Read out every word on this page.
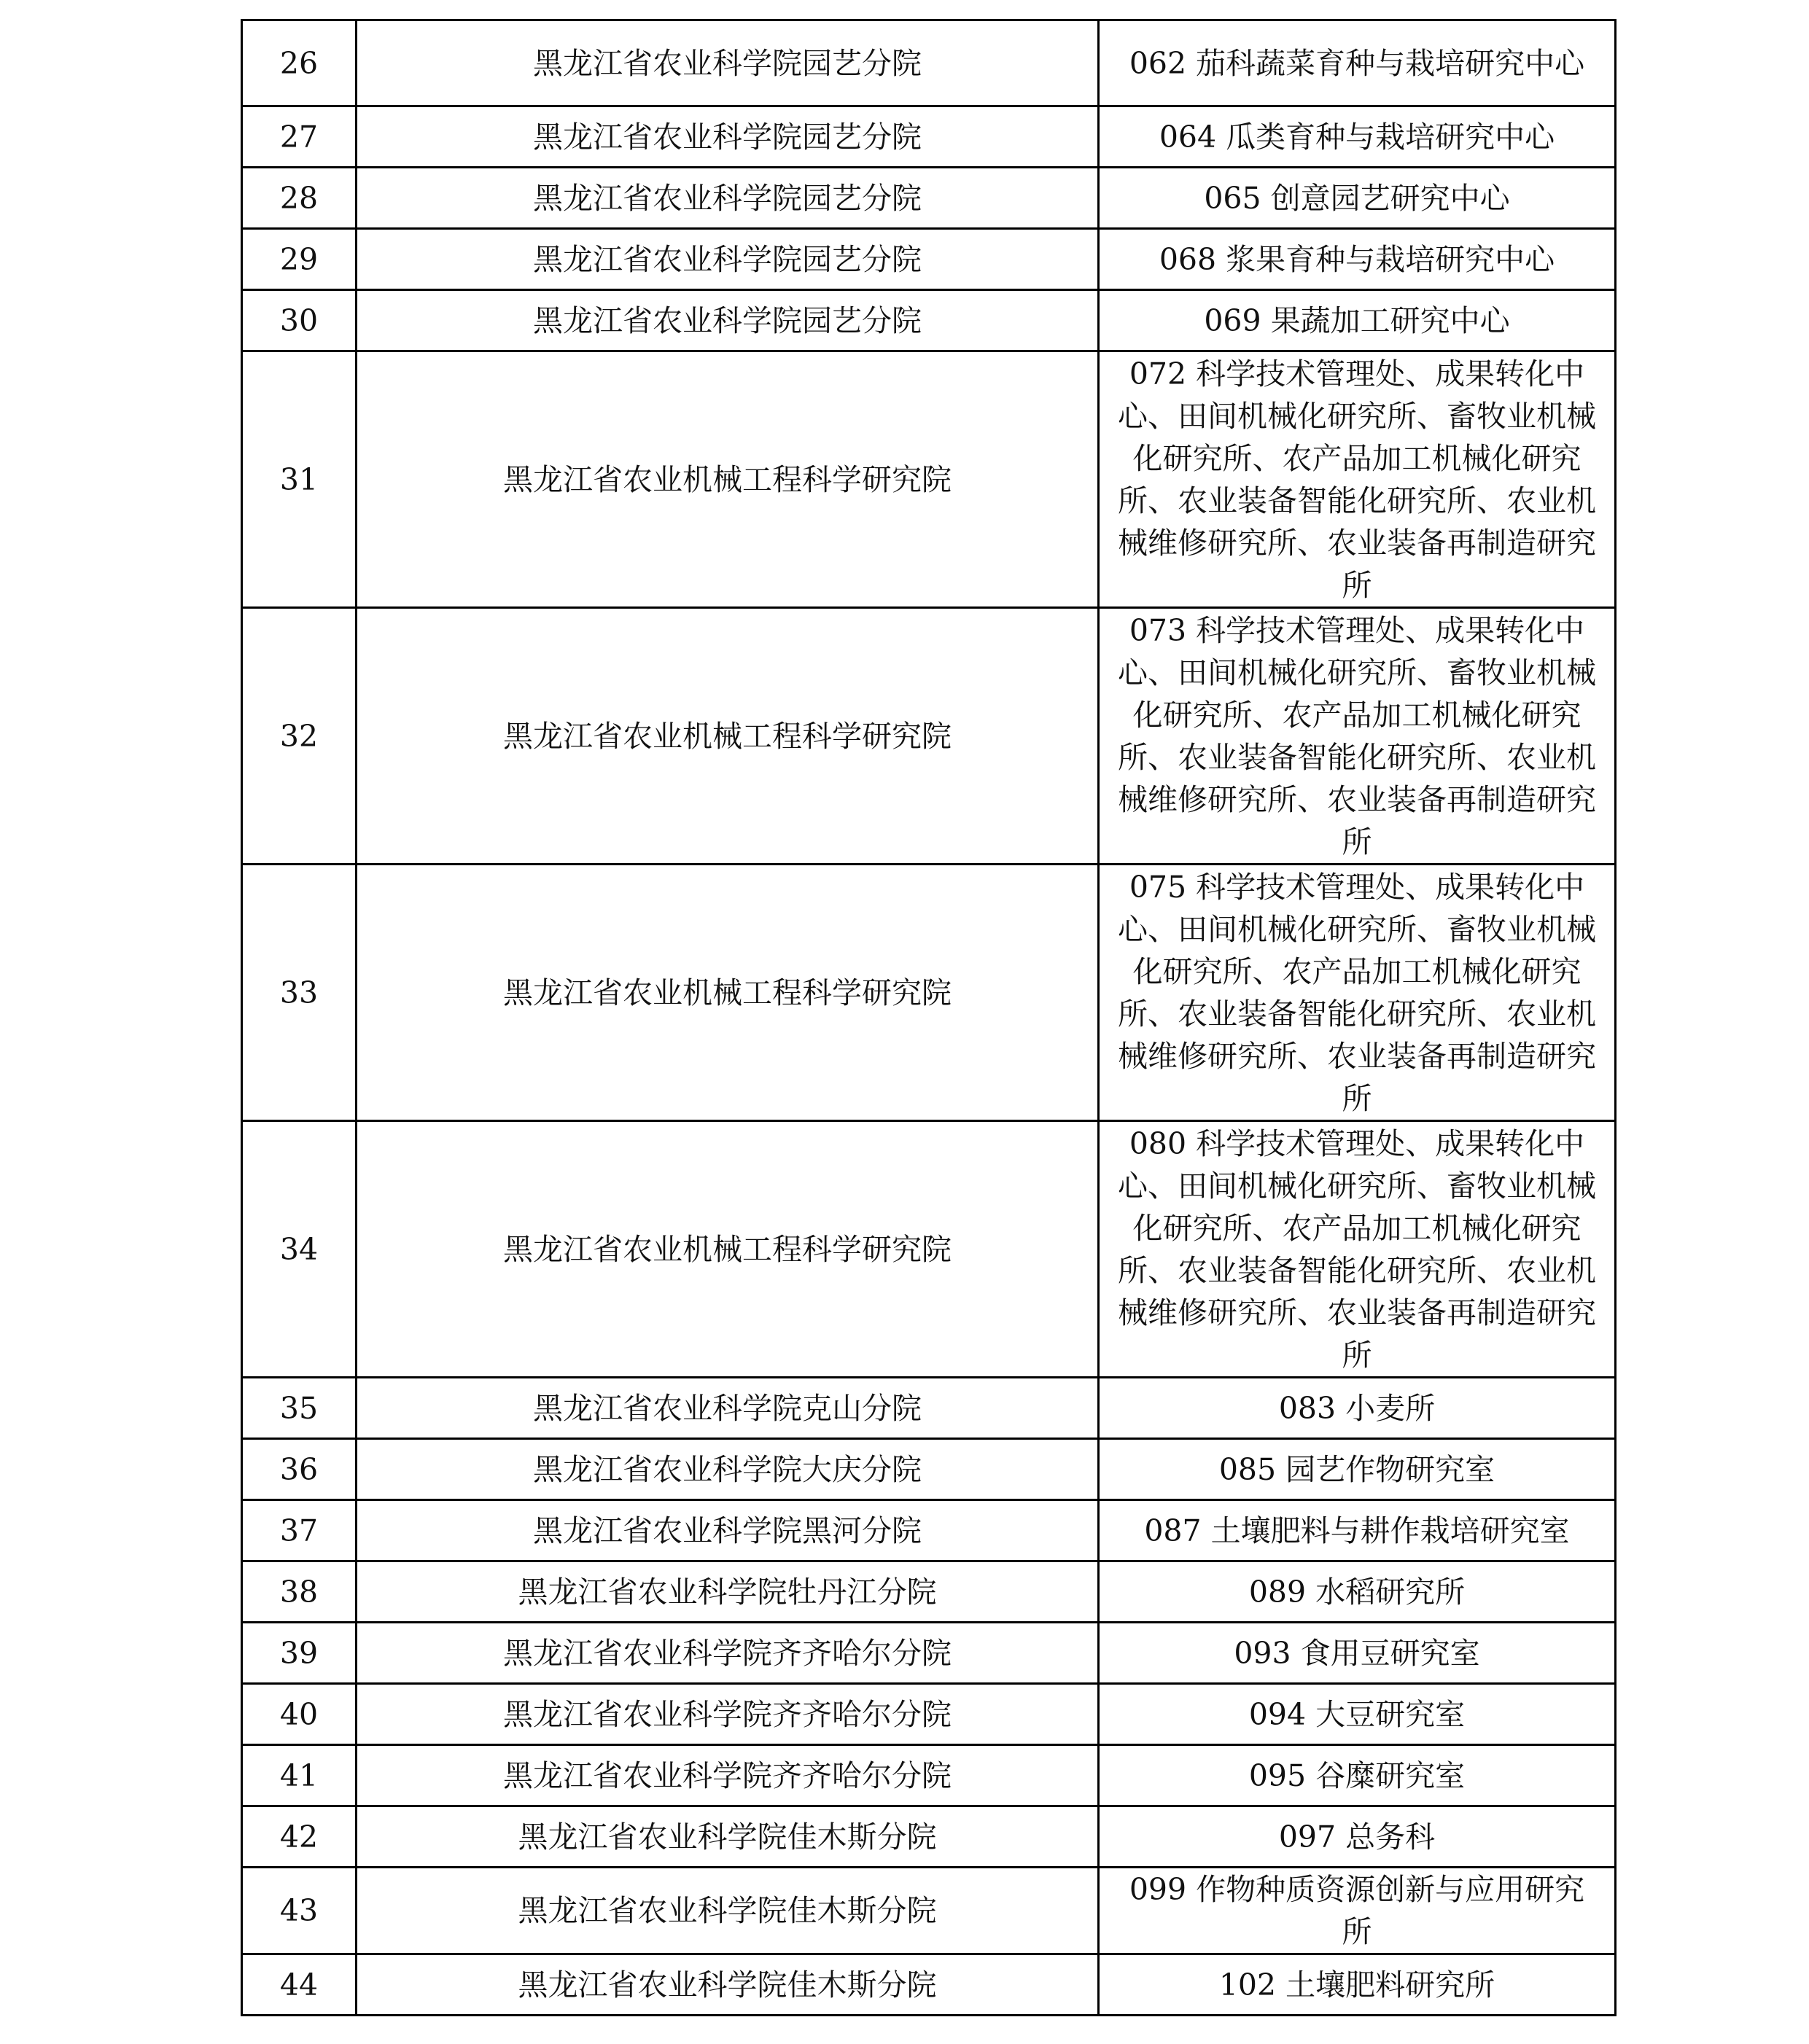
26	黑龙江省农业科学院园艺分院	062 茄科蔬菜育种与栽培研究中心
27	黑龙江省农业科学院园艺分院	064 瓜类育种与栽培研究中心
28	黑龙江省农业科学院园艺分院	065 创意园艺研究中心
29	黑龙江省农业科学院园艺分院	068 浆果育种与栽培研究中心
30	黑龙江省农业科学院园艺分院	069 果蔬加工研究中心
31	黑龙江省农业机械工程科学研究院	072 科学技术管理处、成果转化中心、田间机械化研究所、畜牧业机械化研究所、农产品加工机械化研究所、农业装备智能化研究所、农业机械维修研究所、农业装备再制造研究所
32	黑龙江省农业机械工程科学研究院	073 科学技术管理处、成果转化中心、田间机械化研究所、畜牧业机械化研究所、农产品加工机械化研究所、农业装备智能化研究所、农业机械维修研究所、农业装备再制造研究所
33	黑龙江省农业机械工程科学研究院	075 科学技术管理处、成果转化中心、田间机械化研究所、畜牧业机械化研究所、农产品加工机械化研究所、农业装备智能化研究所、农业机械维修研究所、农业装备再制造研究所
34	黑龙江省农业机械工程科学研究院	080 科学技术管理处、成果转化中心、田间机械化研究所、畜牧业机械化研究所、农产品加工机械化研究所、农业装备智能化研究所、农业机械维修研究所、农业装备再制造研究所
35	黑龙江省农业科学院克山分院	083 小麦所
36	黑龙江省农业科学院大庆分院	085 园艺作物研究室
37	黑龙江省农业科学院黑河分院	087 土壤肥料与耕作栽培研究室
38	黑龙江省农业科学院牡丹江分院	089 水稻研究所
39	黑龙江省农业科学院齐齐哈尔分院	093 食用豆研究室
40	黑龙江省农业科学院齐齐哈尔分院	094 大豆研究室
41	黑龙江省农业科学院齐齐哈尔分院	095 谷糜研究室
42	黑龙江省农业科学院佳木斯分院	097 总务科
43	黑龙江省农业科学院佳木斯分院	099 作物种质资源创新与应用研究所
44	黑龙江省农业科学院佳木斯分院	102 土壤肥料研究所
